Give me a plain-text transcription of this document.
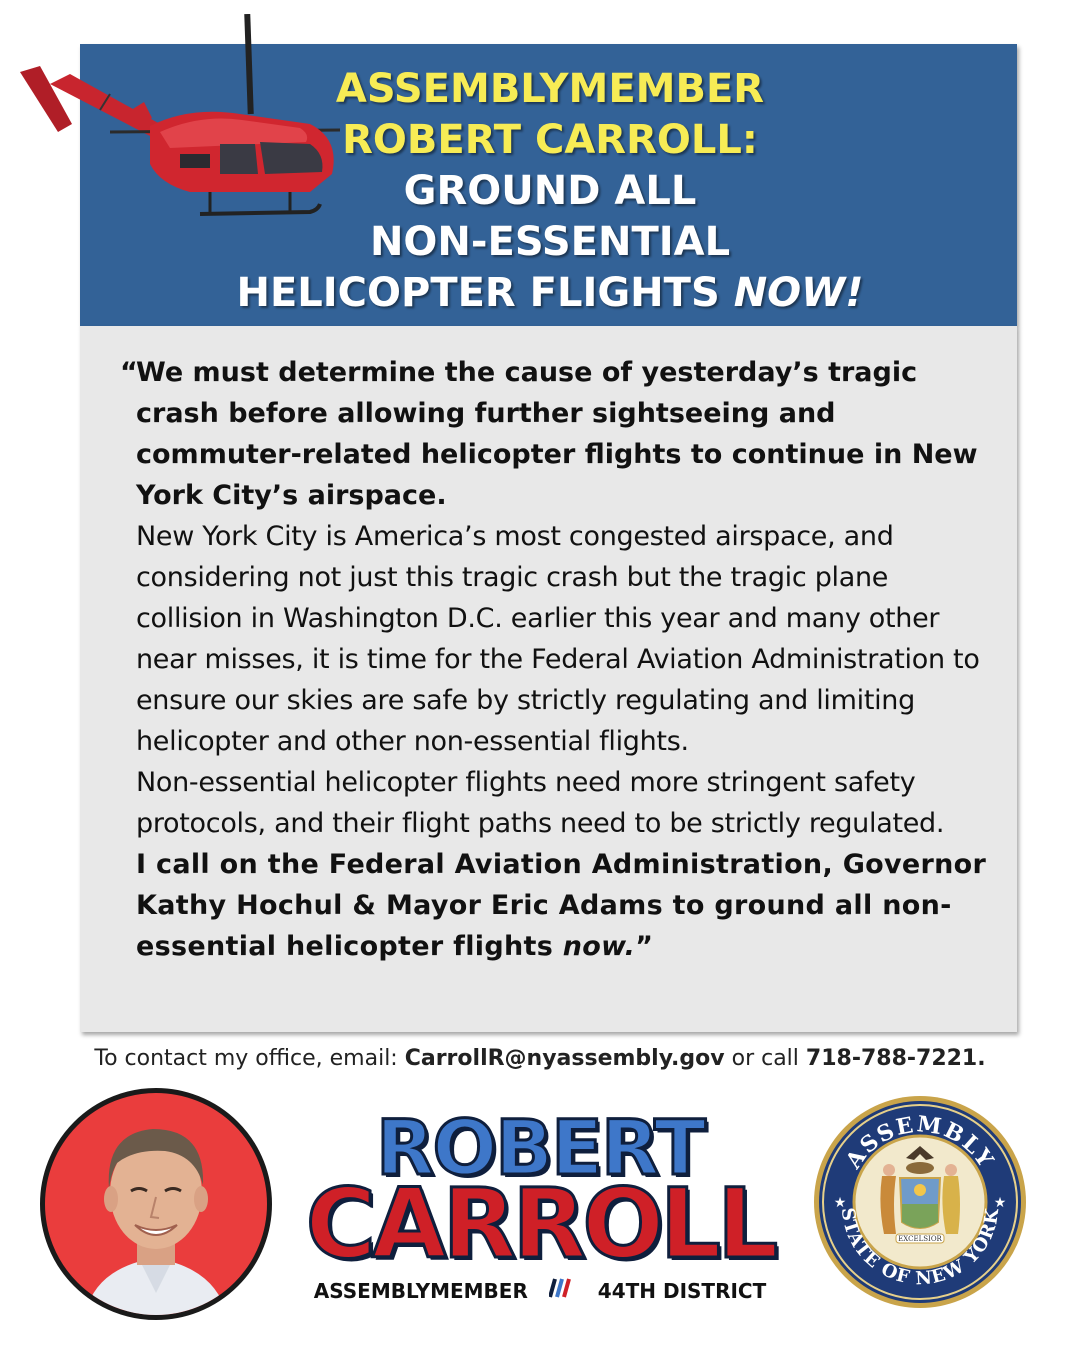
ASSEMBLYMEMBER
ROBERT CARROLL:
GROUND ALL
NON-ESSENTIAL
HELICOPTER FLIGHTS NOW!
“

We must determine the cause of yesterday’s tragic crash before allowing further sightseeing and commuter-related helicopter flights to continue in New York City’s airspace.

New York City is America’s most congested airspace, and considering not just this tragic crash but the tragic plane collision in Washington D.C. earlier this year and many other near misses, it is time for the Federal Aviation Administration to ensure our skies are safe by strictly regulating and limiting helicopter and other non-essential flights.

Non-essential helicopter flights need more stringent safety protocols, and their flight paths need to be strictly regulated.

I call on the Federal Aviation Administration, Governor Kathy Hochul & Mayor Eric Adams to ground all non-essential helicopter flights now.”

To contact my office, email: CarrollR@nyassembly.gov or call 718-788-7221.
ROBERT
CARROLL
ASSEMBLYMEMBER	44TH DISTRICT
ASSEMBLY
STATE OF NEW YORK
★	★
EXCELSIOR
